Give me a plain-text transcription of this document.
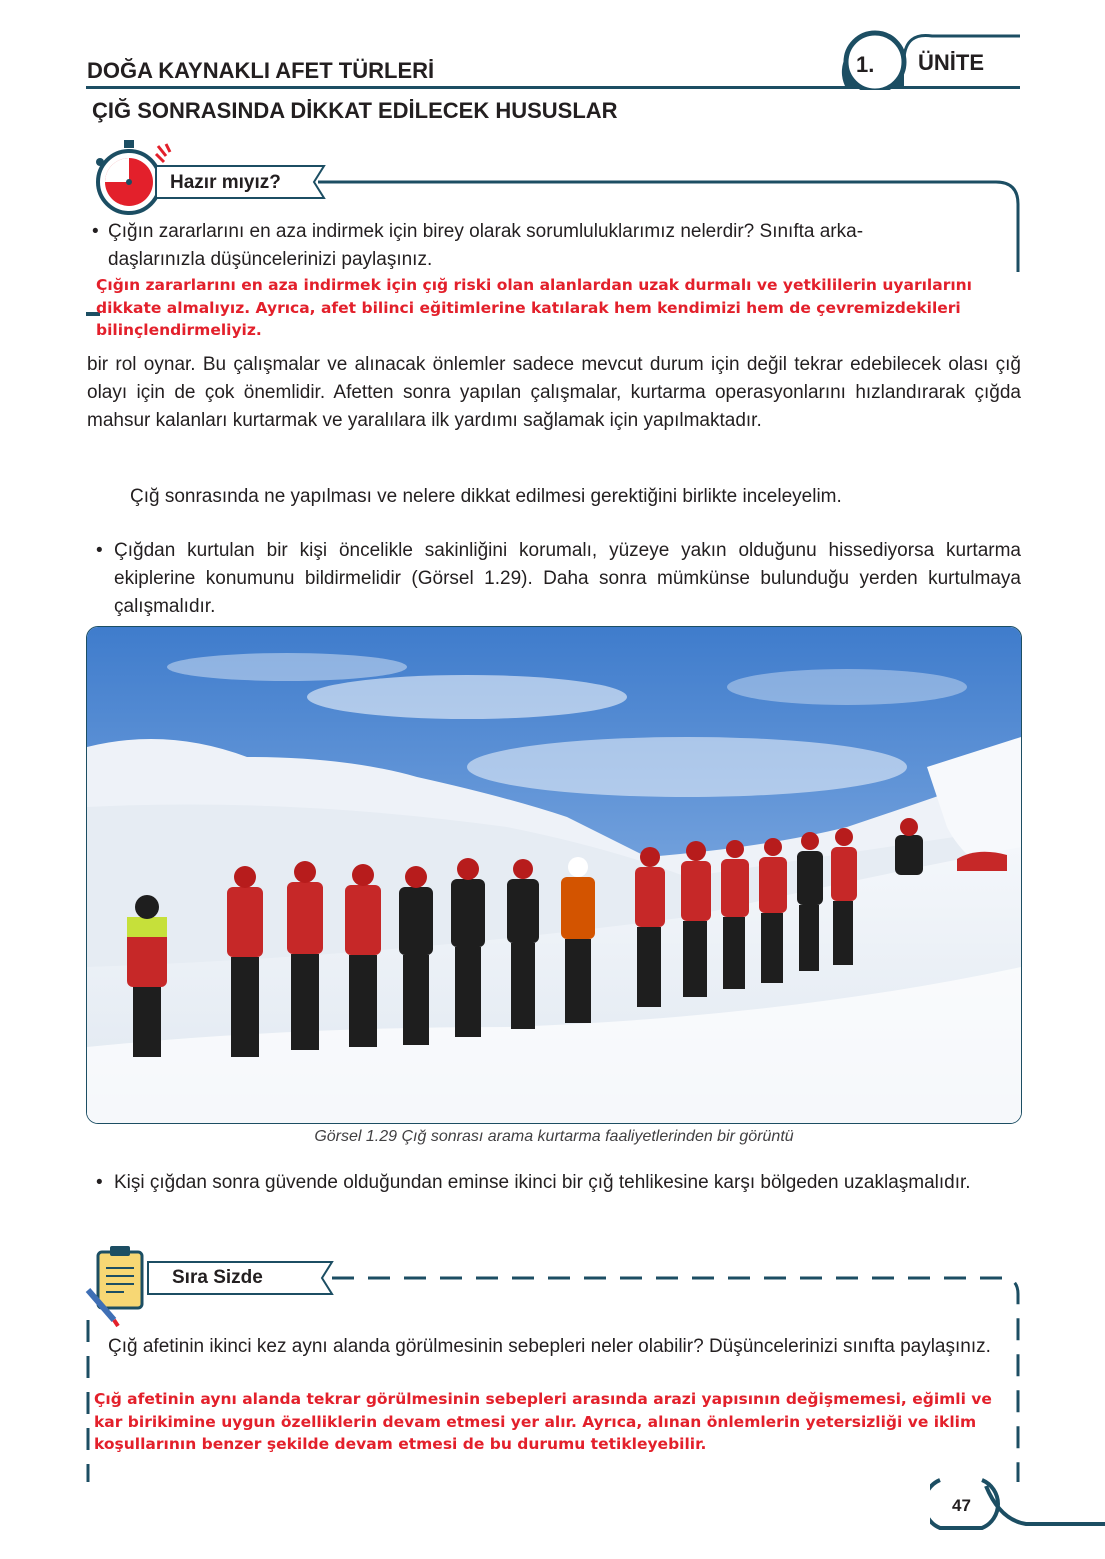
DOĞA KAYNAKLI AFET TÜRLERİ	1. ÜNİTE
ÇIĞ SONRASINDA DİKKAT EDİLECEK HUSUSLAR
Hazır mıyız?
• Çığın zararlarını en aza indirmek için birey olarak sorumluluklarımız nelerdir? Sınıfta arka-
daşlarınızla düşüncelerinizi paylaşınız.
Çığın zararlarını en aza indirmek için çığ riski olan alanlardan uzak durmalı ve yetkililerin uyarılarını dikkate almalıyız. Ayrıca, afet bilinci eğitimlerine katılarak hem kendimizi hem de çevremizdekileri bilinçlendirmeliyiz.
bir rol oynar. Bu çalışmalar ve alınacak önlemler sadece mevcut durum için değil tekrar edebilecek olası çığ olayı için de çok önemlidir. Afetten sonra yapılan çalışmalar, kurtarma operasyonlarını hızlandırarak çığda mahsur kalanları kurtarmak ve yaralılara ilk yardımı sağlamak için yapılmaktadır.
Çığ sonrasında ne yapılması ve nelere dikkat edilmesi gerektiğini birlikte inceleyelim.
• Çığdan kurtulan bir kişi öncelikle sakinliğini korumalı, yüzeye yakın olduğunu hissediyorsa kurtarma ekiplerine konumunu bildirmelidir (Görsel 1.29). Daha sonra mümkünse bulunduğu yerden kurtulmaya çalışmalıdır.
Görsel 1.29 Çığ sonrası arama kurtarma faaliyetlerinden bir görüntü
• Kişi çığdan sonra güvende olduğundan eminse ikinci bir çığ tehlikesine karşı bölgeden uzaklaşmalıdır.
Sıra Sizde
Çığ afetinin ikinci kez aynı alanda görülmesinin sebepleri neler olabilir? Düşüncelerinizi sınıfta paylaşınız.
Çığ afetinin aynı alanda tekrar görülmesinin sebepleri arasında arazi yapısının değişmemesi, eğimli ve kar birikimine uygun özelliklerin devam etmesi yer alır. Ayrıca, alınan önlemlerin yetersizliği ve iklim koşullarının benzer şekilde devam etmesi de bu durumu tetikleyebilir.
47
